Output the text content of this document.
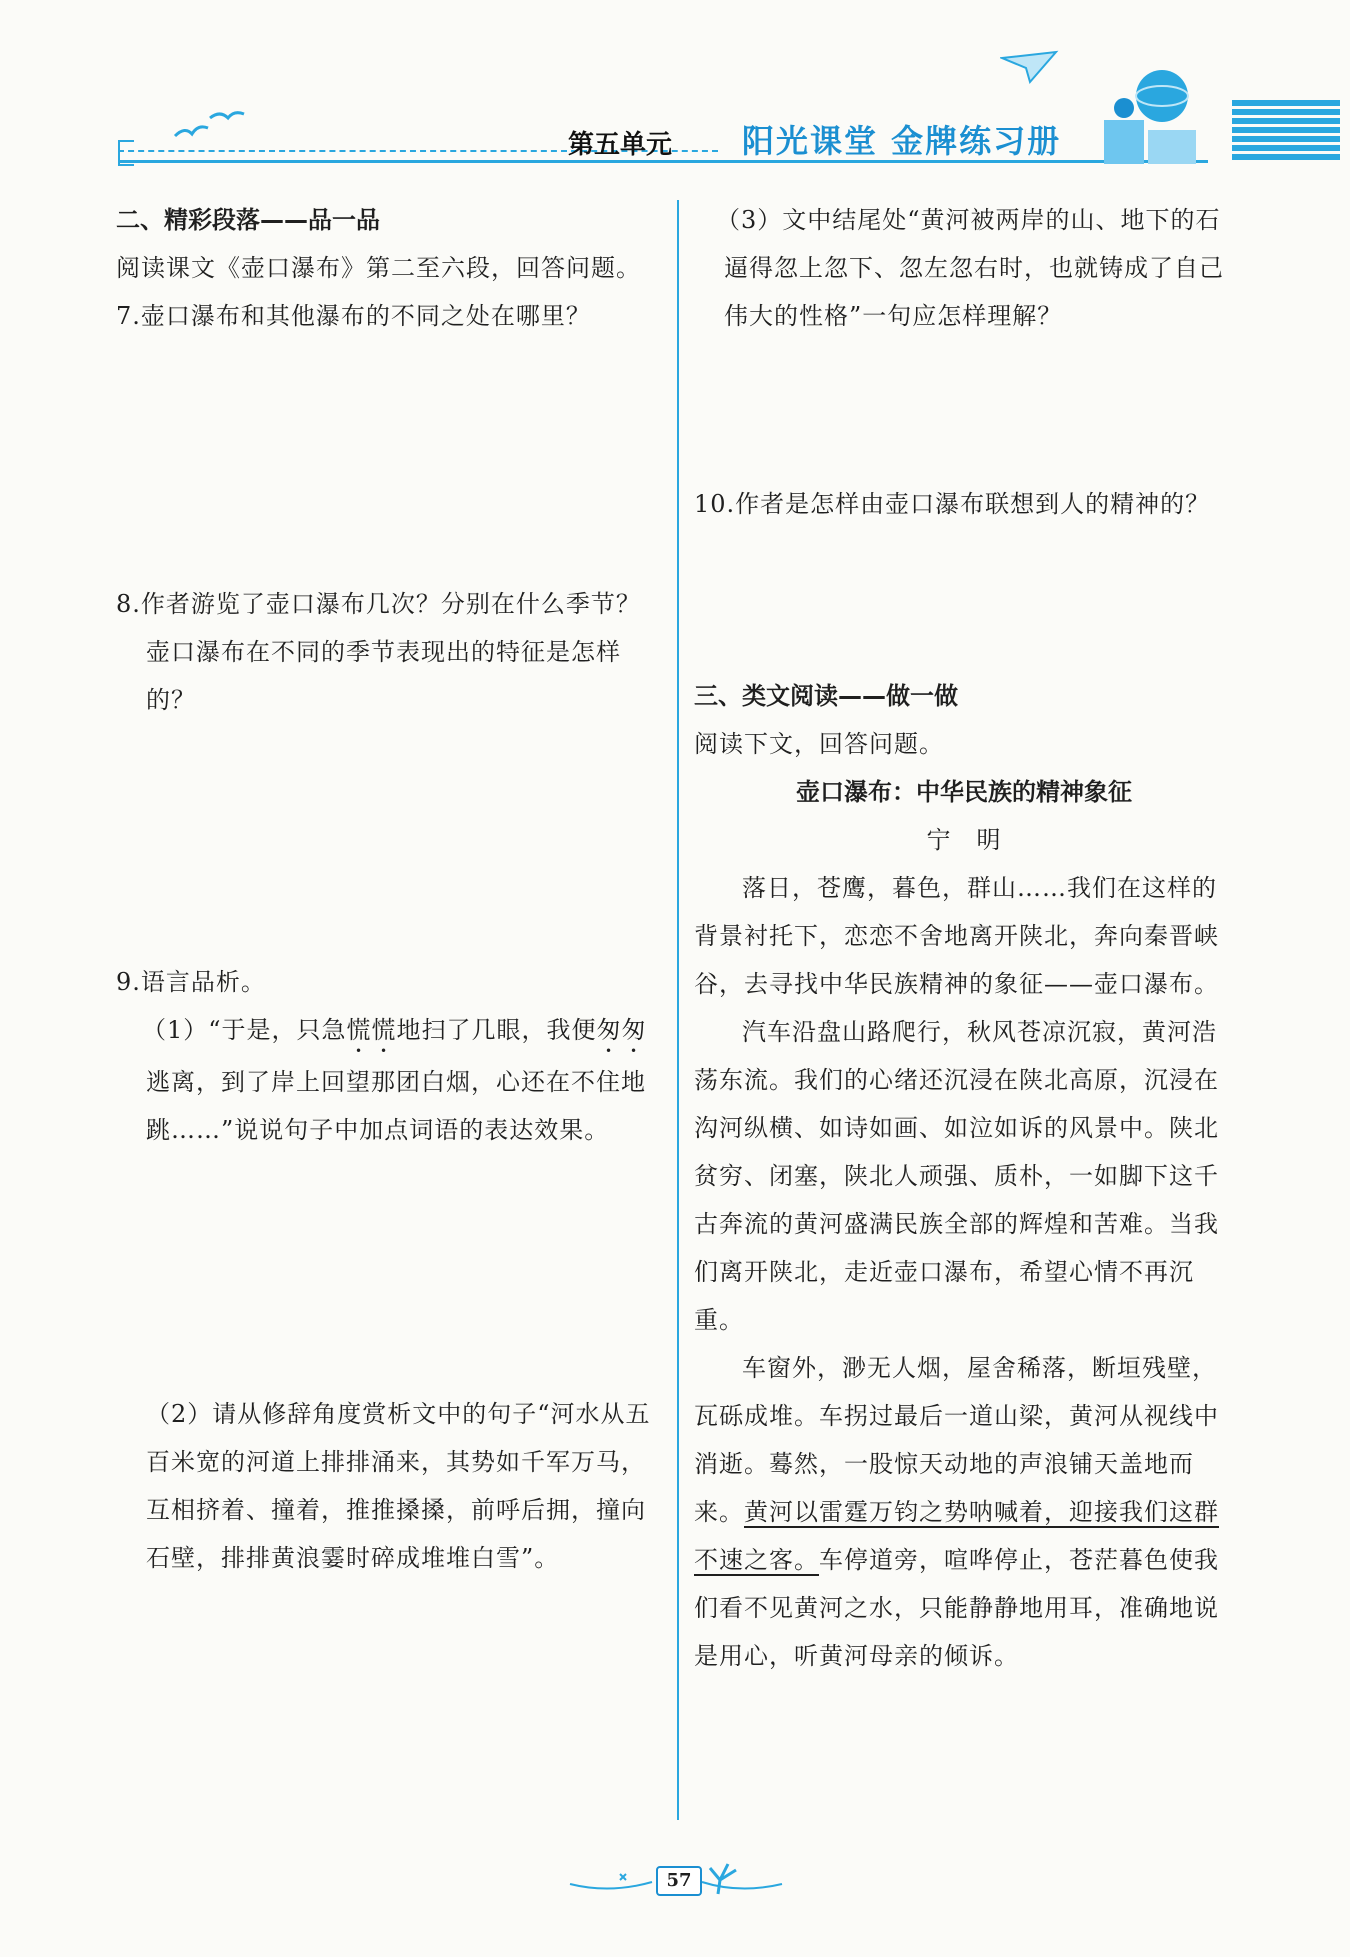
第五单元 阳光课堂 金牌练习册

二、精彩段落——品一品

阅读课文《壶口瀑布》第二至六段，回答问题。

7.壶口瀑布和其他瀑布的不同之处在哪里？

8.作者游览了壶口瀑布几次？分别在什么季节？壶口瀑布在不同的季节表现出的特征是怎样的？

9.语言品析。

（1）“于是，只急慌慌地扫了几眼，我便匆匆逃离，到了岸上回望那团白烟，心还在不住地跳……”说说句子中加点词语的表达效果。

（2）请从修辞角度赏析文中的句子“河水从五百米宽的河道上排排涌来，其势如千军万马，互相挤着、撞着，推推搡搡，前呼后拥，撞向石壁，排排黄浪霎时碎成堆堆白雪”。

（3）文中结尾处“黄河被两岸的山、地下的石逼得忽上忽下、忽左忽右时，也就铸成了自己伟大的性格”一句应怎样理解？

10.作者是怎样由壶口瀑布联想到人的精神的？

三、类文阅读——做一做

阅读下文，回答问题。

壶口瀑布：中华民族的精神象征

宁　明

落日，苍鹰，暮色，群山……我们在这样的背景衬托下，恋恋不舍地离开陕北，奔向秦晋峡谷，去寻找中华民族精神的象征——壶口瀑布。

汽车沿盘山路爬行，秋风苍凉沉寂，黄河浩荡东流。我们的心绪还沉浸在陕北高原，沉浸在沟河纵横、如诗如画、如泣如诉的风景中。陕北贫穷、闭塞，陕北人顽强、质朴，一如脚下这千古奔流的黄河盛满民族全部的辉煌和苦难。当我们离开陕北，走近壶口瀑布，希望心情不再沉重。

车窗外，渺无人烟，屋舍稀落，断垣残壁，瓦砾成堆。车拐过最后一道山梁，黄河从视线中消逝。蓦然，一股惊天动地的声浪铺天盖地而来。黄河以雷霆万钧之势呐喊着，迎接我们这群不速之客。车停道旁，喧哗停止，苍茫暮色使我们看不见黄河之水，只能静静地用耳，准确地说是用心，听黄河母亲的倾诉。

57
